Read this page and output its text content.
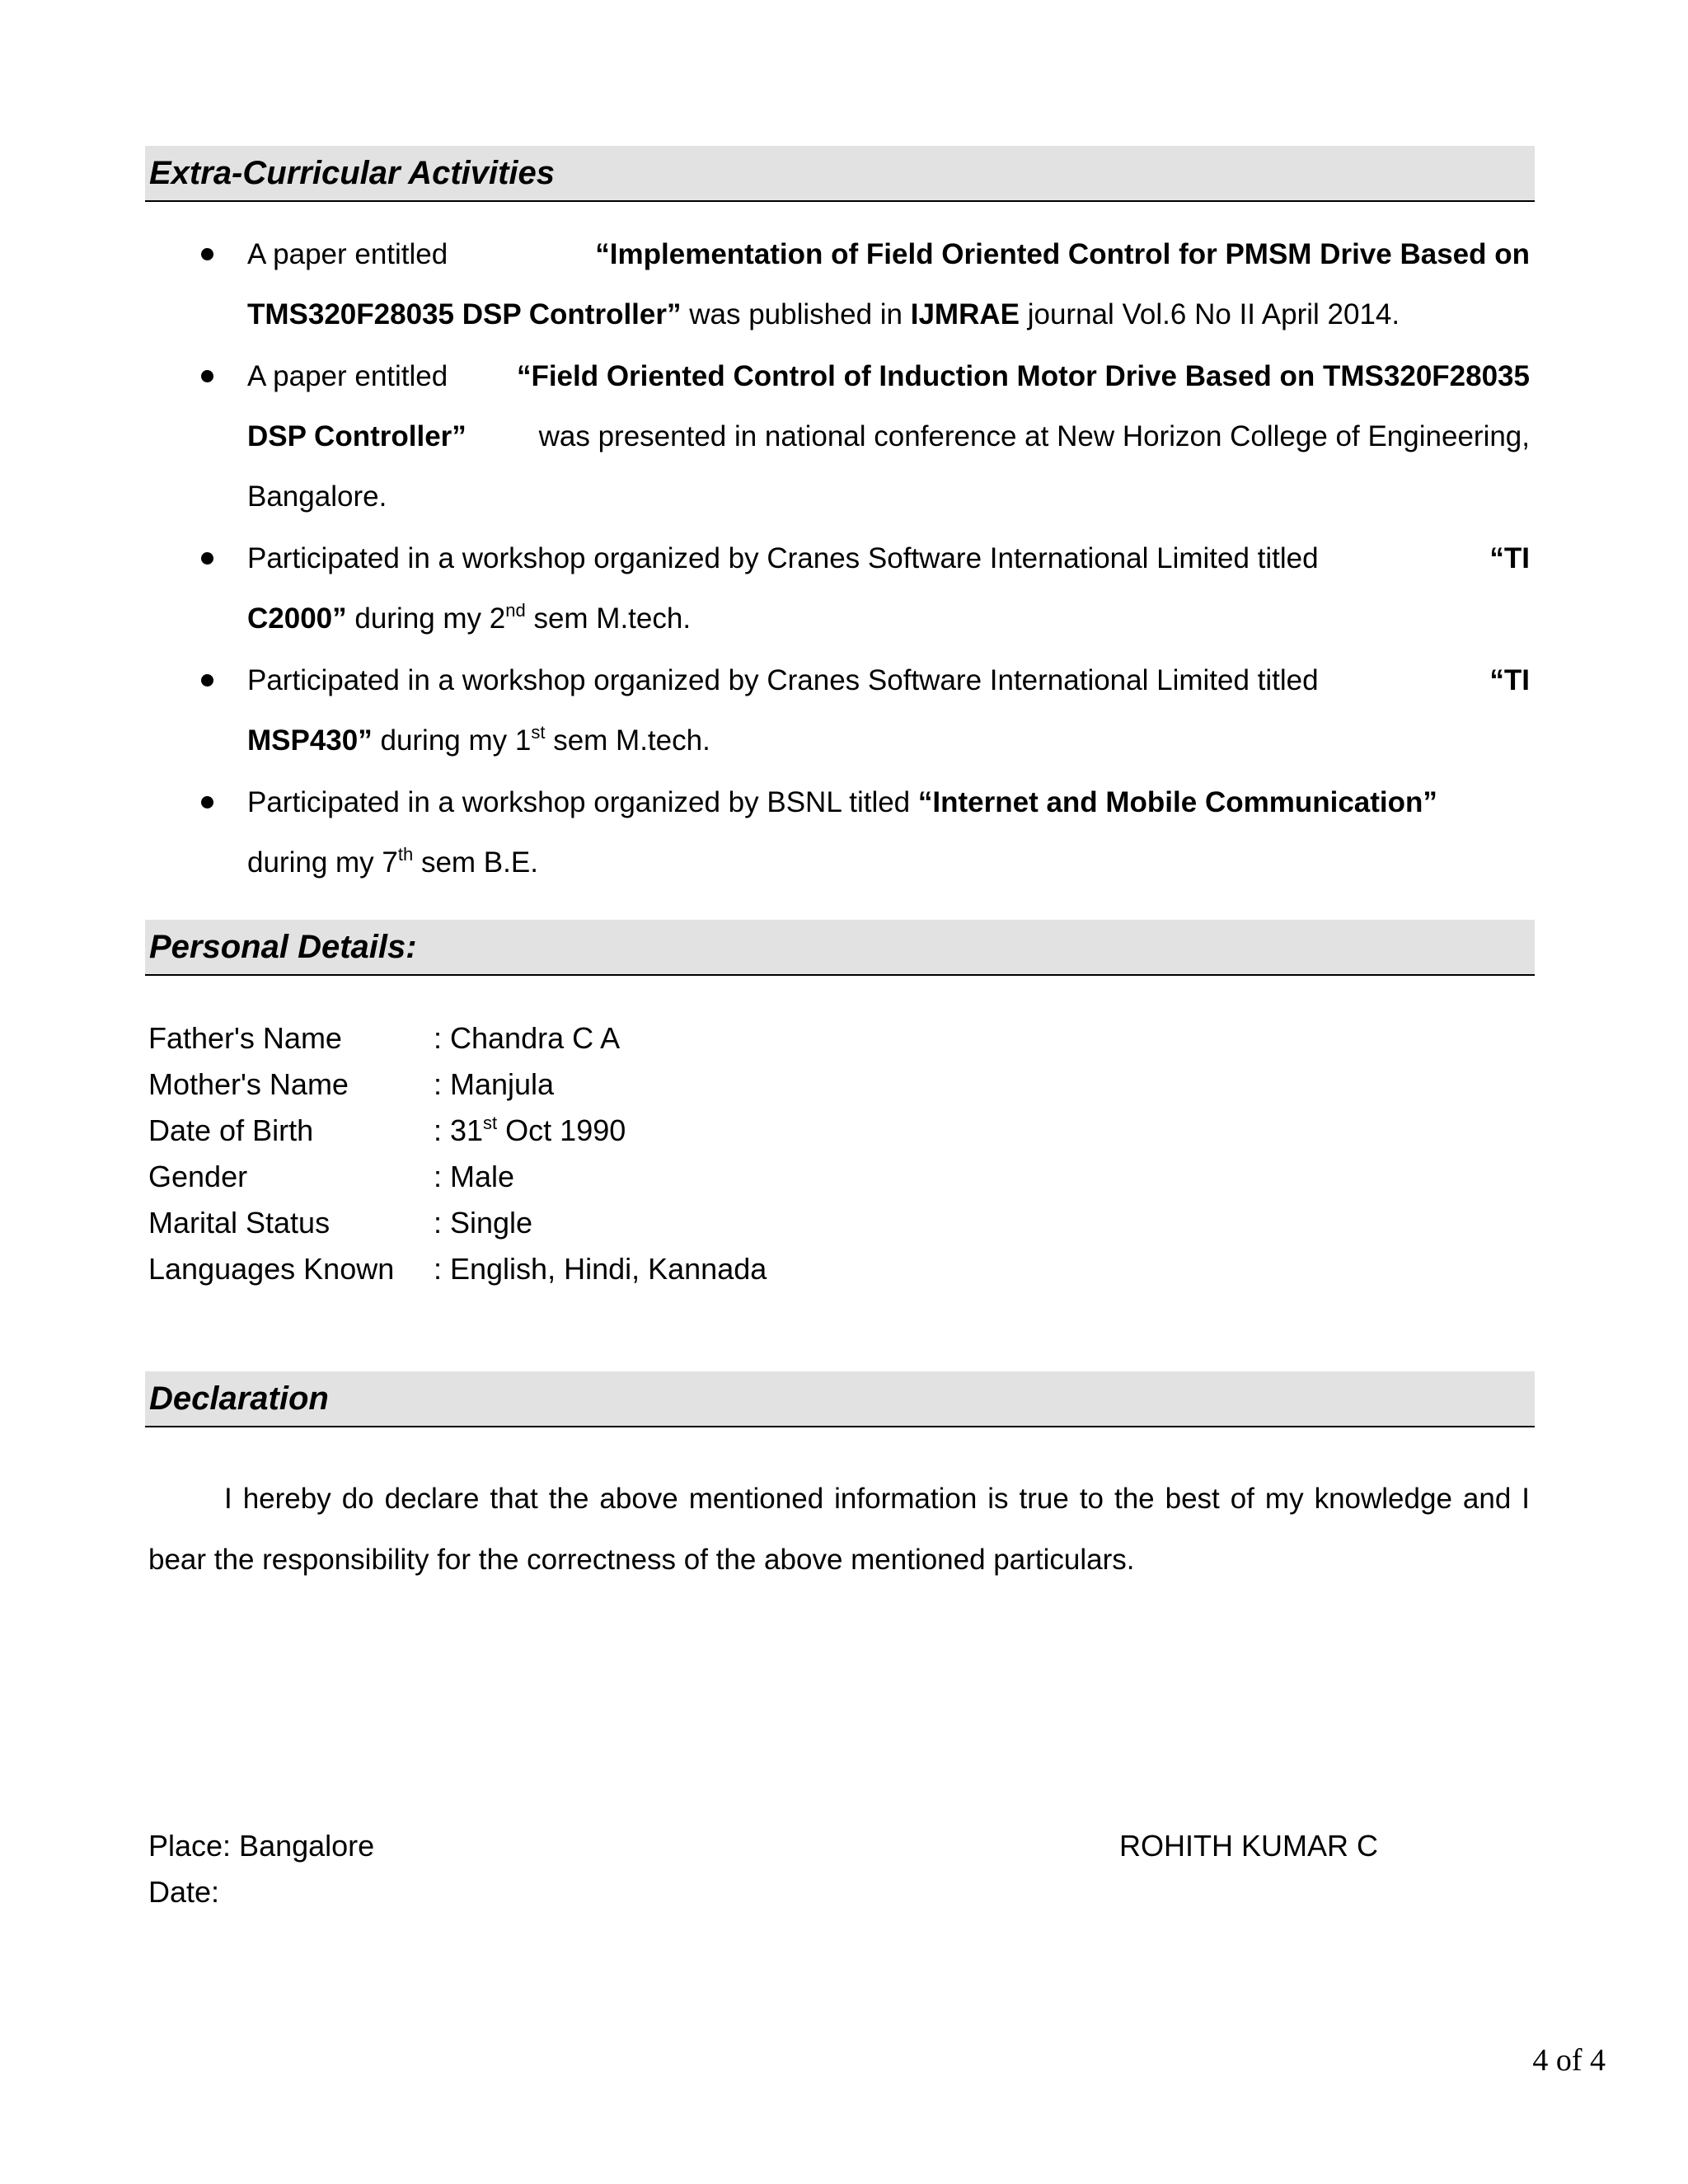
Extra-Curricular Activities
A paper entitled	“Implementation of Field Oriented Control for PMSM Drive Based on
TMS320F28035 DSP Controller” was published in IJMRAE journal Vol.6 No II April 2014.
A paper entitled “Field Oriented Control of Induction Motor Drive Based on TMS320F28035
DSP Controller”	was presented in national conference at New Horizon College of Engineering,
Bangalore.
Participated in a workshop organized by Cranes Software International Limited titled	“TI
C2000” during my 2nd sem M.tech.
Participated in a workshop organized by Cranes Software International Limited titled	“TI
MSP430” during my 1st sem M.tech.
Participated in a workshop organized by BSNL titled “Internet and Mobile Communication”
during my 7th sem B.E.
Personal Details:
Father's Name	: Chandra C A
Mother's Name	: Manjula
Date of Birth	: 31st Oct 1990
Gender	: Male
Marital Status	: Single
Languages Known	: English, Hindi, Kannada
Declaration
I hereby do declare that the above mentioned information is true to the best of my knowledge and I bear the responsibility for the correctness of the above mentioned particulars.
Place: Bangalore
Date:
ROHITH KUMAR C
4 of 4
